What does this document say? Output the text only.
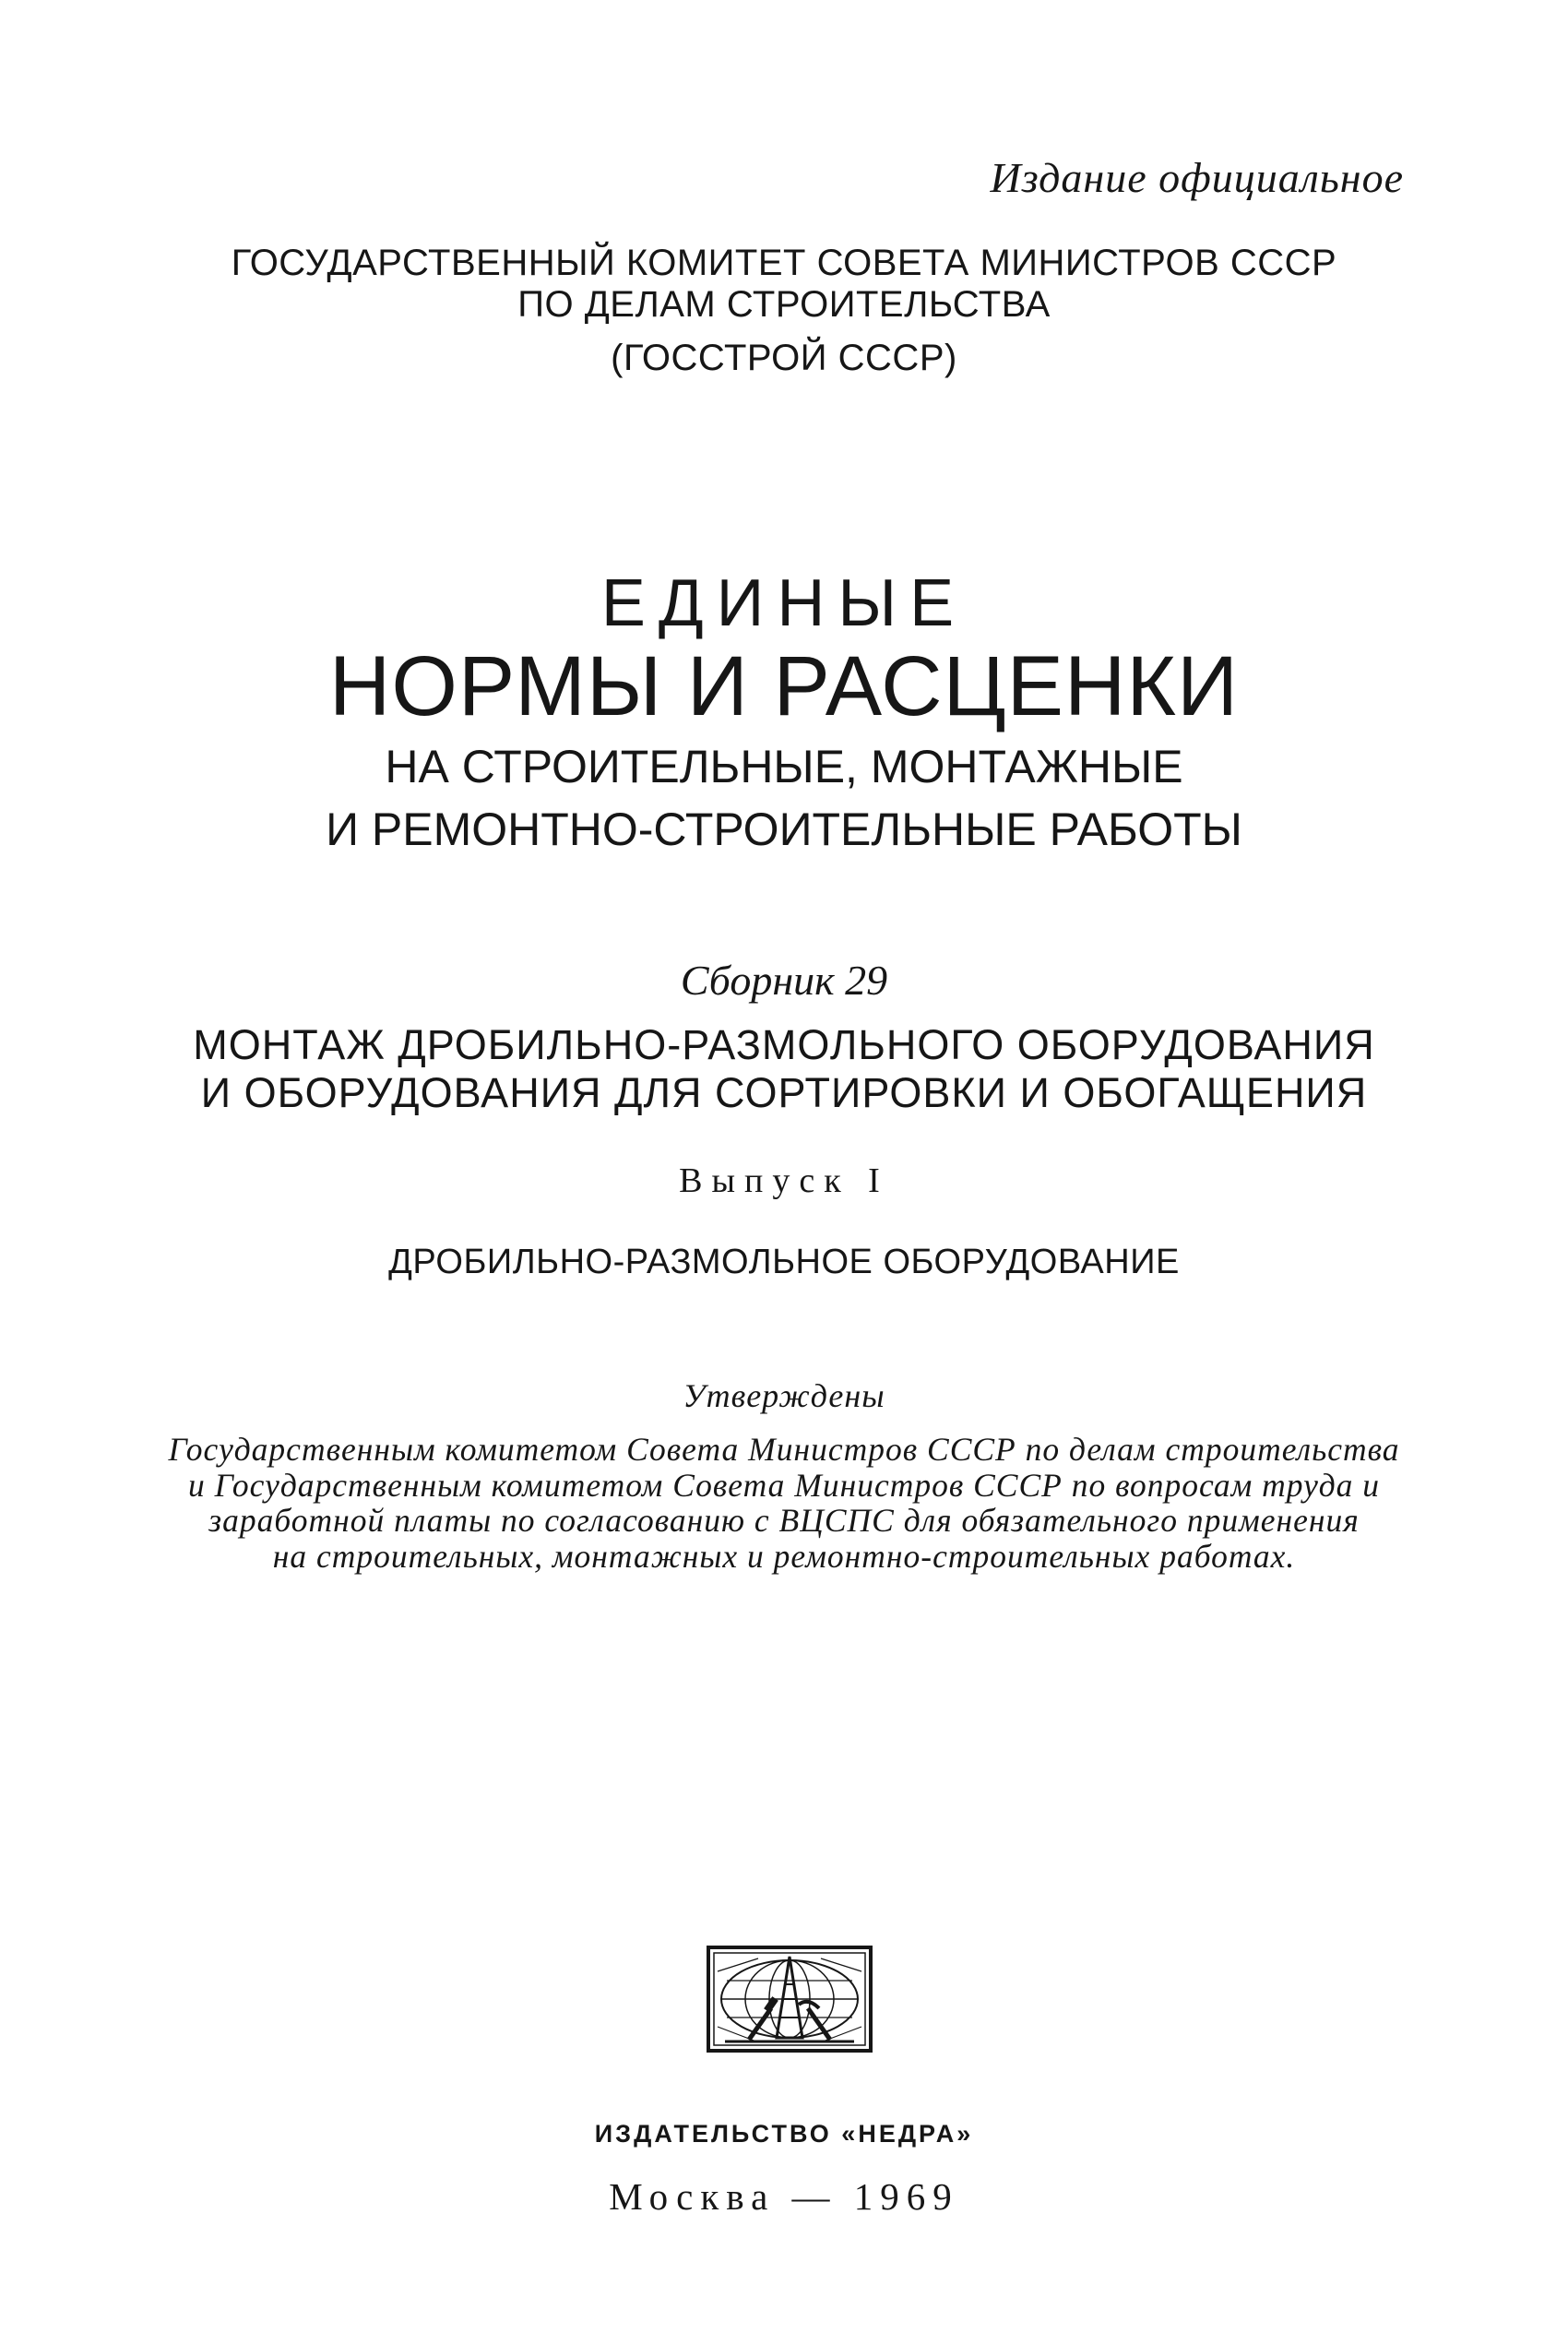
Издание официальное
ГОСУДАРСТВЕННЫЙ КОМИТЕТ СОВЕТА МИНИСТРОВ СССР
ПО ДЕЛАМ СТРОИТЕЛЬСТВА
(ГОССТРОЙ СССР)
ЕДИНЫЕ
НОРМЫ И РАСЦЕНКИ
НА СТРОИТЕЛЬНЫЕ, МОНТАЖНЫЕ
И РЕМОНТНО-СТРОИТЕЛЬНЫЕ РАБОТЫ
Сборник 29
МОНТАЖ ДРОБИЛЬНО-РАЗМОЛЬНОГО ОБОРУДОВАНИЯ
И ОБОРУДОВАНИЯ ДЛЯ СОРТИРОВКИ И ОБОГАЩЕНИЯ
Выпуск I
ДРОБИЛЬНО-РАЗМОЛЬНОЕ ОБОРУДОВАНИЕ
Утверждены
Государственным комитетом Совета Министров СССР по делам строительства
и Государственным комитетом Совета Министров СССР по вопросам труда и
заработной платы по согласованию с ВЦСПС для обязательного применения
на строительных, монтажных и ремонтно-строительных работах.
ИЗДАТЕЛЬСТВО «НЕДРА»
Москва — 1969
